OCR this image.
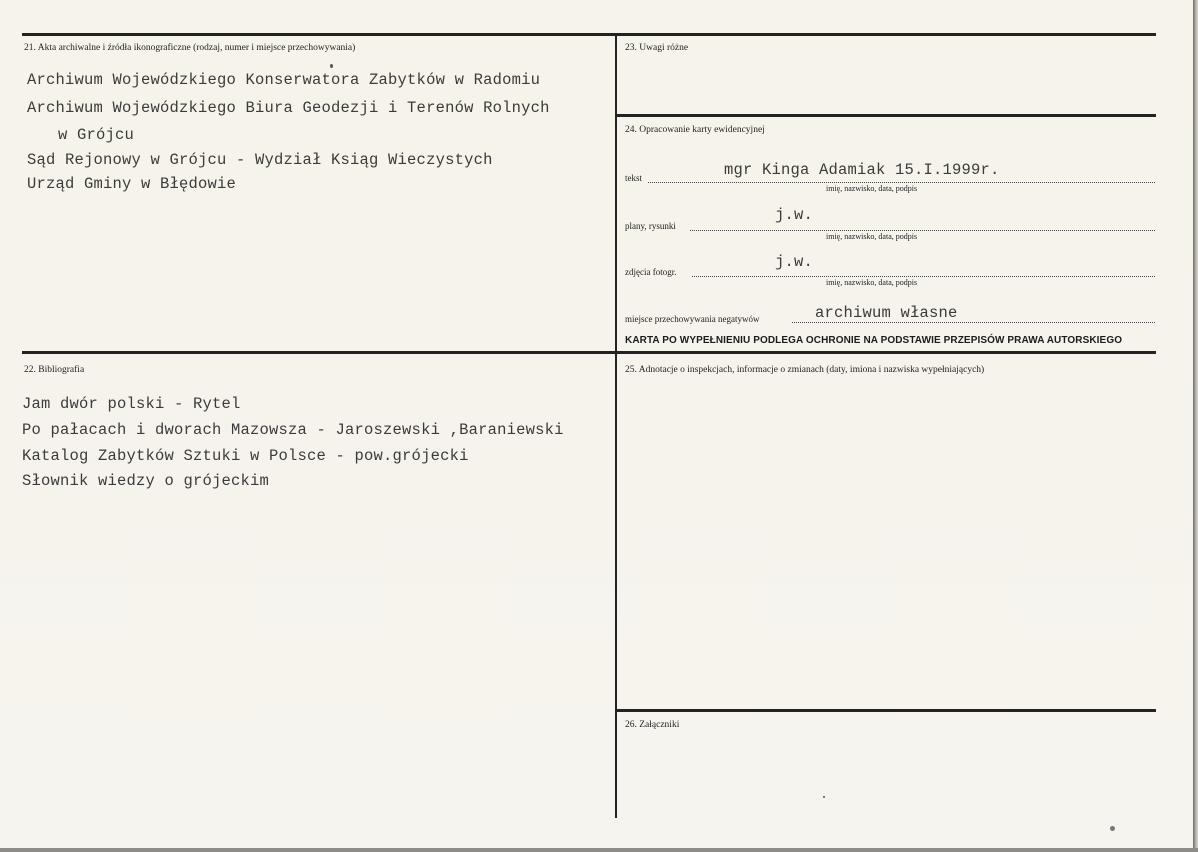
21. Akta archiwalne i źródła ikonograficzne (rodzaj, numer i miejsce przechowywania)
Archiwum Wojewódzkiego Konserwatora Zabytków w Radomiu
Archiwum Wojewódzkiego Biura Geodezji i Terenów Rolnych
w Grójcu
Sąd Rejonowy w Grójcu - Wydział Ksiąg Wieczystych
Urząd Gminy w Błędowie
22. Bibliografia
Jam dwór polski - Rytel
Po pałacach i dworach Mazowsza - Jaroszewski ,Baraniewski
Katalog Zabytków Sztuki w Polsce - pow.grójecki
Słownik wiedzy o grójeckim
23. Uwagi różne
24. Opracowanie karty ewidencyjnej
tekst	mgr Kinga Adamiak 15.I.1999r.
imię, nazwisko, data, podpis
plany, rysunki
j.w.
imię, nazwisko, data, podpis
zdjęcia fotogr.
j.w.
imię, nazwisko, data, podpis
miejsce przechowywania negatywów	archiwum własne
KARTA PO WYPEŁNIENIU PODLEGA OCHRONIE NA PODSTAWIE PRZEPISÓW PRAWA AUTORSKIEGO
25. Adnotacje o inspekcjach, informacje o zmianach (daty, imiona i nazwiska wypełniających)
26. Załączniki
